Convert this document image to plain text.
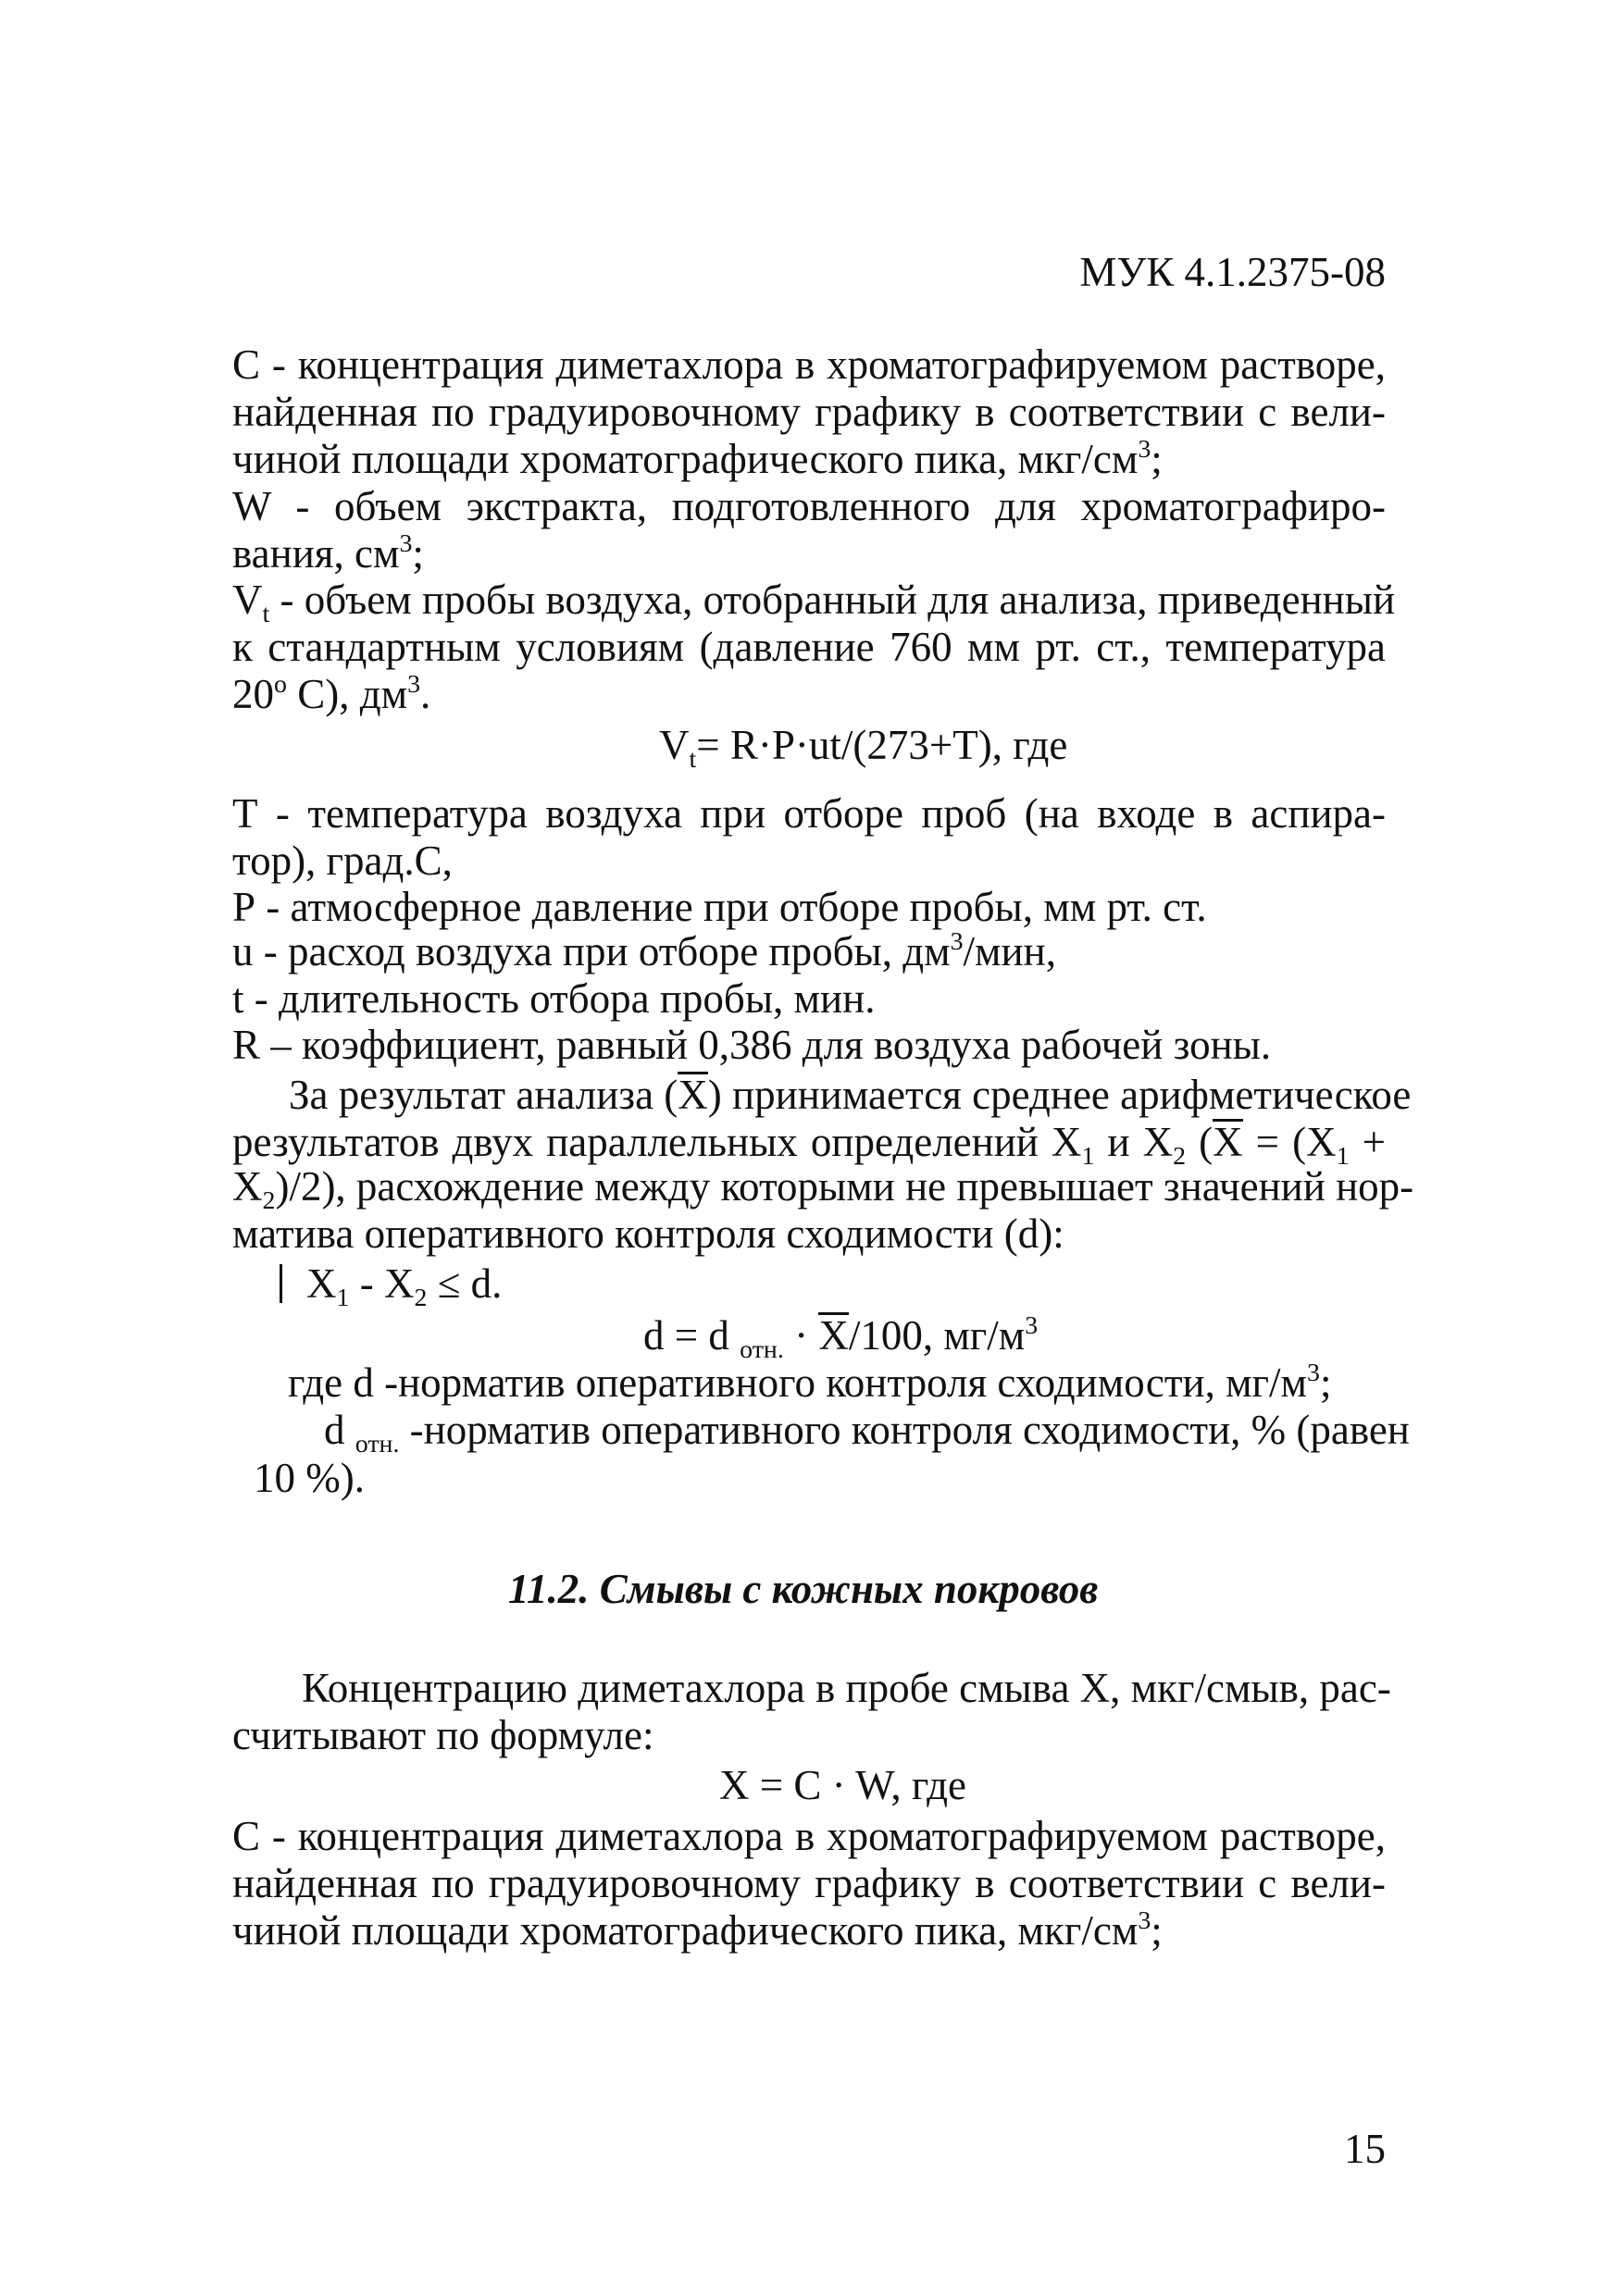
МУК 4.1.2375-08
С - концентрация диметахлора в хроматографируемом растворе,
найденная по градуировочному графику в соответствии с вели-
чиной площади хроматографического пика, мкг/$см^3$;
W - объем экстракта, подготовленного для хроматографиро-
вания, $см^3$;
Vt - объем пробы воздуха, отобранный для анализа, приведенный
к стандартным условиям (давление 760 мм рт. ст., температура
20$^o$ С), $дм^3$.
Vt= R·P·ut/(273+T), где
Т - температура воздуха при отборе проб (на входе в аспира-
тор), град.С,
Р - атмосферное давление при отборе пробы, мм рт. ст.
u - расход воздуха при отборе пробы, $дм^3$/мин,
t - длительность отбора пробы, мин.
R – коэффициент, равный 0,386 для воздуха рабочей зоны.
За результат анализа (X) принимается среднее арифметическое
результатов двух параллельных определений X1 и X2 (X = (X1 +
X2)/2), расхождение между которыми не превышает значений нор-
матива оперативного контроля сходимости (d):
X1 - X2 ≤ d.
d = d отн. · X/100, $мг/м^3$
где d -норматив оперативного контроля сходимости, $мг/м^3$;
d отн. -норматив оперативного контроля сходимости, % (равен
10 %).
11.2. Смывы с кожных покровов
Концентрацию диметахлора в пробе смыва X, мкг/смыв, рас-
считывают по формуле:
X = C · W, где
С - концентрация диметахлора в хроматографируемом растворе,
найденная по градуировочному графику в соответствии с вели-
чиной площади хроматографического пика, мкг/$см^3$;
15
